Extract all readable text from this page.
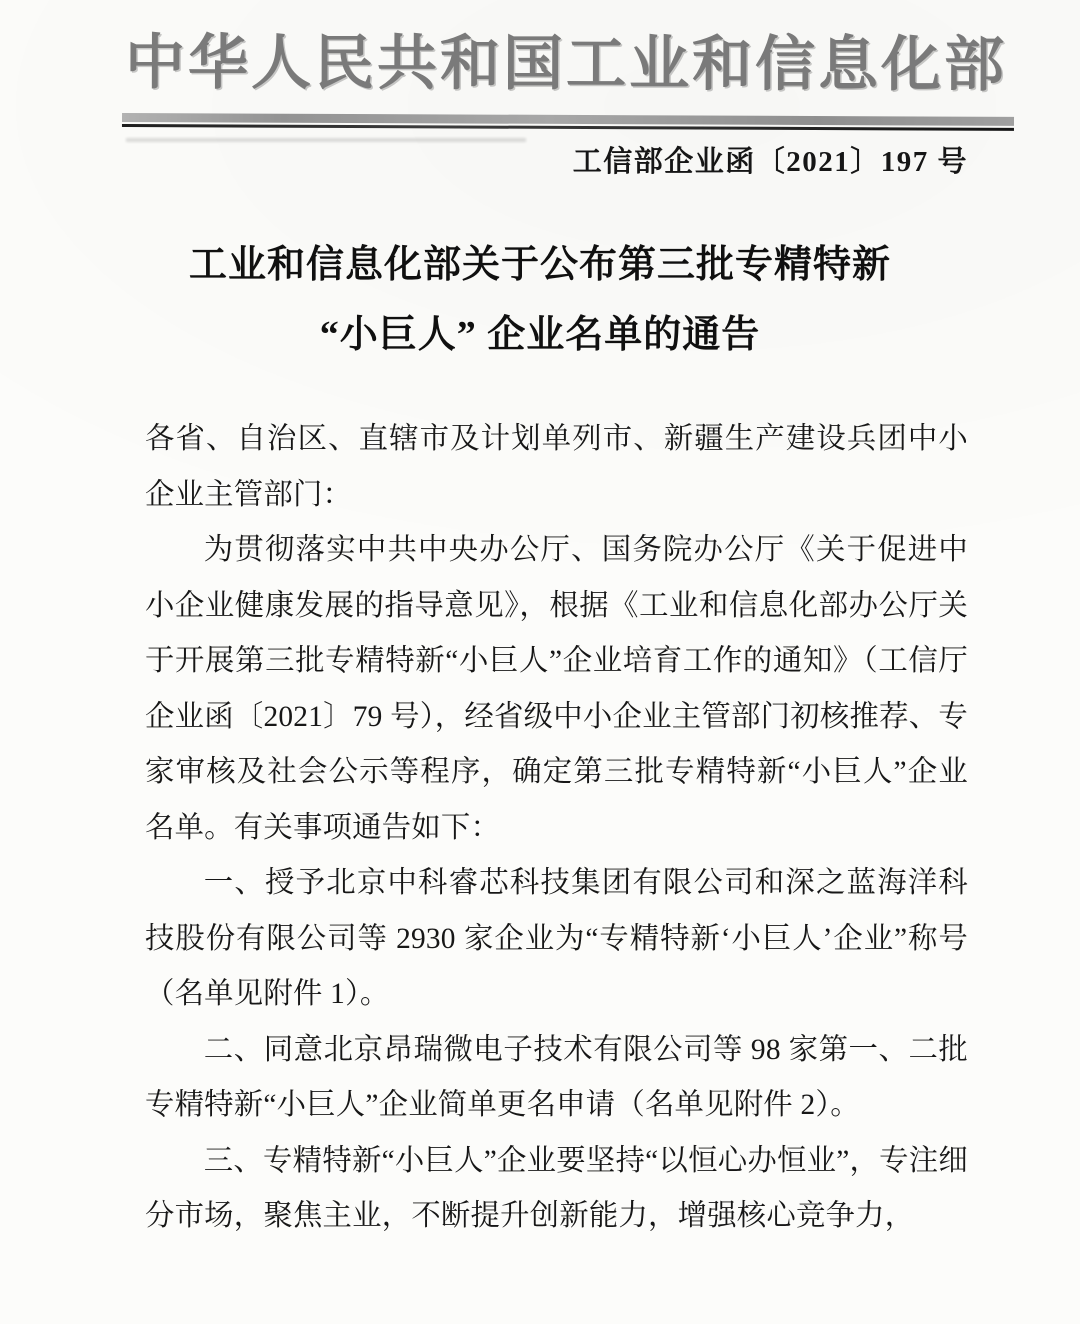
中华人民共和国工业和信息化部
工信部企业函〔2021〕197 号
工业和信息化部关于公布第三批专精特新
“小巨人” 企业名单的通告

各省、自治区、直辖市及计划单列市、新疆生产建设兵团中小企业主管部门：

为贯彻落实中共中央办公厅、国务院办公厅《关于促进中小企业健康发展的指导意见》，根据《工业和信息化部办公厅关于开展第三批专精特新“小巨人”企业培育工作的通知》（工信厅企业函〔2021〕79 号），经省级中小企业主管部门初核推荐、专家审核及社会公示等程序，确定第三批专精特新“小巨人”企业名单。有关事项通告如下：

一、授予北京中科睿芯科技集团有限公司和深之蓝海洋科技股份有限公司等 2930 家企业为“专精特新‘小巨人’企业”称号（名单见附件 1）。

二、同意北京昂瑞微电子技术有限公司等 98 家第一、二批专精特新“小巨人”企业简单更名申请（名单见附件 2）。

三、专精特新“小巨人”企业要坚持“以恒心办恒业”，专注细分市场，聚焦主业，不断提升创新能力，增强核心竞争力，
